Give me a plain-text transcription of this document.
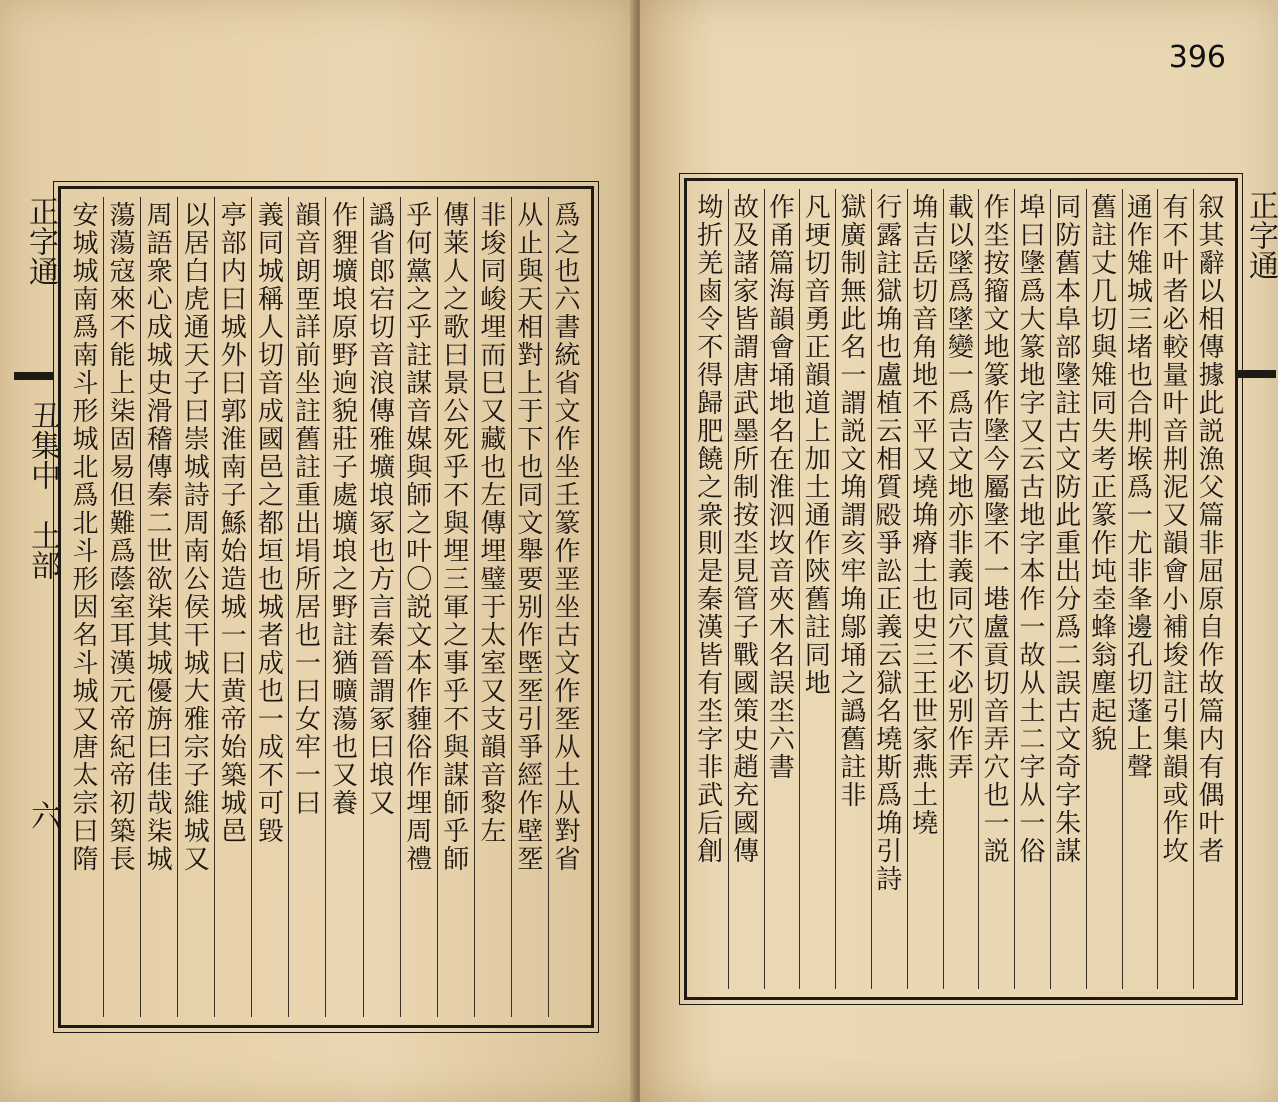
正字通
丑集中　土部
六	爲之也六書統省文作坐𡈼篆作垩坐古文作㘸从土从對省
从止與天相對上于下也同文舉要别作塈㘸引爭經作壁㘸
非埈同峻埋而巳又藏也左傳埋璧于太室又支韻音黎左
傳莱人之歌曰景公死乎不與埋三軍之事乎不與謀師乎師
乎何黨之乎註謀音媒與師之叶〇説文本作薶俗作埋周禮
譌省郎宕切音浪傳雅壙埌冢也方言秦晉謂冢曰埌又
作貍壙埌原野逈貌莊子處壙埌之野註猶曠蕩也又養
韻音朗垔詳前坐註舊註重出埍所居也一曰女牢一曰
義同城稱人切音成國邑之都垣也城者成也一成不可毀
亭部内曰城外曰郭淮南子鯀始造城一曰黄帝始築城邑
以居白虎通天子曰崇城詩周南公侯干城大雅宗子維城又
周語衆心成城史滑稽傳秦二世欲柒其城優旃曰佳哉柒城
蕩蕩寇來不能上柒固易但難爲蔭室耳漢元帝紀帝初築長
安城城南爲南斗形城北爲北斗形因名斗城又唐太宗曰隋
396
正字通
叙其辭以相傳據此説漁父篇非屈原自作故篇内有偶叶者
有不叶者必較量叶音㓝泥又韻會小補埈註引集韻或作坆
通作雉城三堵也合㓝堠爲一尤非夆邊孔切蓬上聲
舊註丈几切與雉同失考正篆作坉坴蜂翁塵起貌
同防舊本阜部墬註古文防此重出分爲二誤古文奇字朱謀
埠曰墬爲大篆地字又云古地字本作一故从土二字从一俗
作坔按籀文地篆作墬今屬墬不一塂盧貢切音弄穴也一説
載以墜爲墜變一爲吉文地亦非義同穴不必别作弄
埆吉岳切音角地不平又墝埆瘠土也史三王世家燕土墝
行露註獄埆也盧植云相質𣪍爭訟正義云獄名墝斯爲埆引詩
獄廣制無此名一謂説文埆謂亥牢埆鄔埇之譌舊註非
凡埂切音勇正韻道上加土通作陝舊註同地
作甬篇海韻會埇地名在淮泗坆音夾木名誤坔六書
故及諸家皆謂唐武墨所制按坔見管子戰國策史趙充國傳
坳折羌鹵令不得歸肥饒之衆則是秦漢皆有坔字非武后創
